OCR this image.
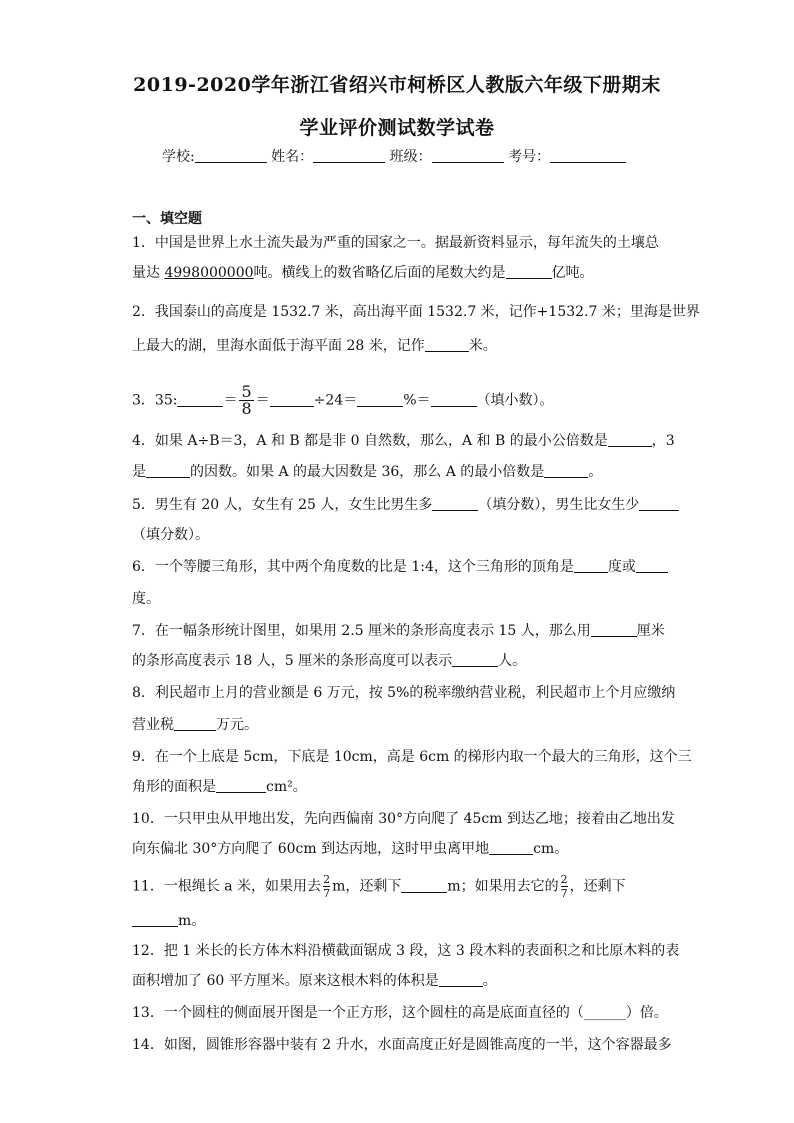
2019-2020学年浙江省绍兴市柯桥区人教版六年级下册期末
学业评价测试数学试卷
学校:	姓名：	班级：	考号：
一、填空题
1．中国是世界上水土流失最为严重的国家之一。据最新资料显示，每年流失的土壤总
量达 4998000000吨。横线上的数省略亿后面的尾数大约是	亿吨。
2．我国泰山的高度是 1532.7 米，高出海平面 1532.7 米，记作+1532.7 米；里海是世界
上最大的湖，里海水面低于海平面 28 米，记作	米。
3．35:	＝ $\frac{5}{8}$ ＝	÷24＝	%＝	（填小数）。
4．如果 A÷B＝3，A 和 B 都是非 0 自然数，那么，A 和 B 的最小公倍数是	，3
是	的因数。如果 A 的最大因数是 36，那么 A 的最小倍数是	。
5．男生有 20 人，女生有 25 人，女生比男生多	（填分数），男生比女生少
（填分数）。
6．一个等腰三角形，其中两个角度数的比是 1:4，这个三角形的顶角是 度或
度。
7．在一幅条形统计图里，如果用 2.5 厘米的条形高度表示 15 人，那么用	厘米
的条形高度表示 18 人，5 厘米的条形高度可以表示	人。
8．利民超市上月的营业额是 6 万元，按 5%的税率缴纳营业税，利民超市上个月应缴纳
营业税	万元。
9．在一个上底是 5cm，下底是 10cm，高是 6cm 的梯形内取一个最大的三角形，这个三
角形的面积是	cm²。
10．一只甲虫从甲地出发，先向西偏南 30°方向爬了 45cm 到达乙地；接着由乙地出发
向东偏北 30°方向爬了 60cm 到达丙地，这时甲虫离甲地	cm。
11．一根绳长 a 米，如果用去 $\frac{2}{7}$ m，还剩下	m；如果用去它的 $\frac{2}{7}$ ，还剩下
m。
12．把 1 米长的长方体木料沿横截面锯成 3 段，这 3 段木料的表面积之和比原木料的表
面积增加了 60 平方厘米。原来这根木料的体积是	。
13．一个圆柱的侧面展开图是一个正方形，这个圆柱的高是底面直径的（______）倍。
14．如图，圆锥形容器中装有 2 升水，水面高度正好是圆锥高度的一半，这个容器最多
